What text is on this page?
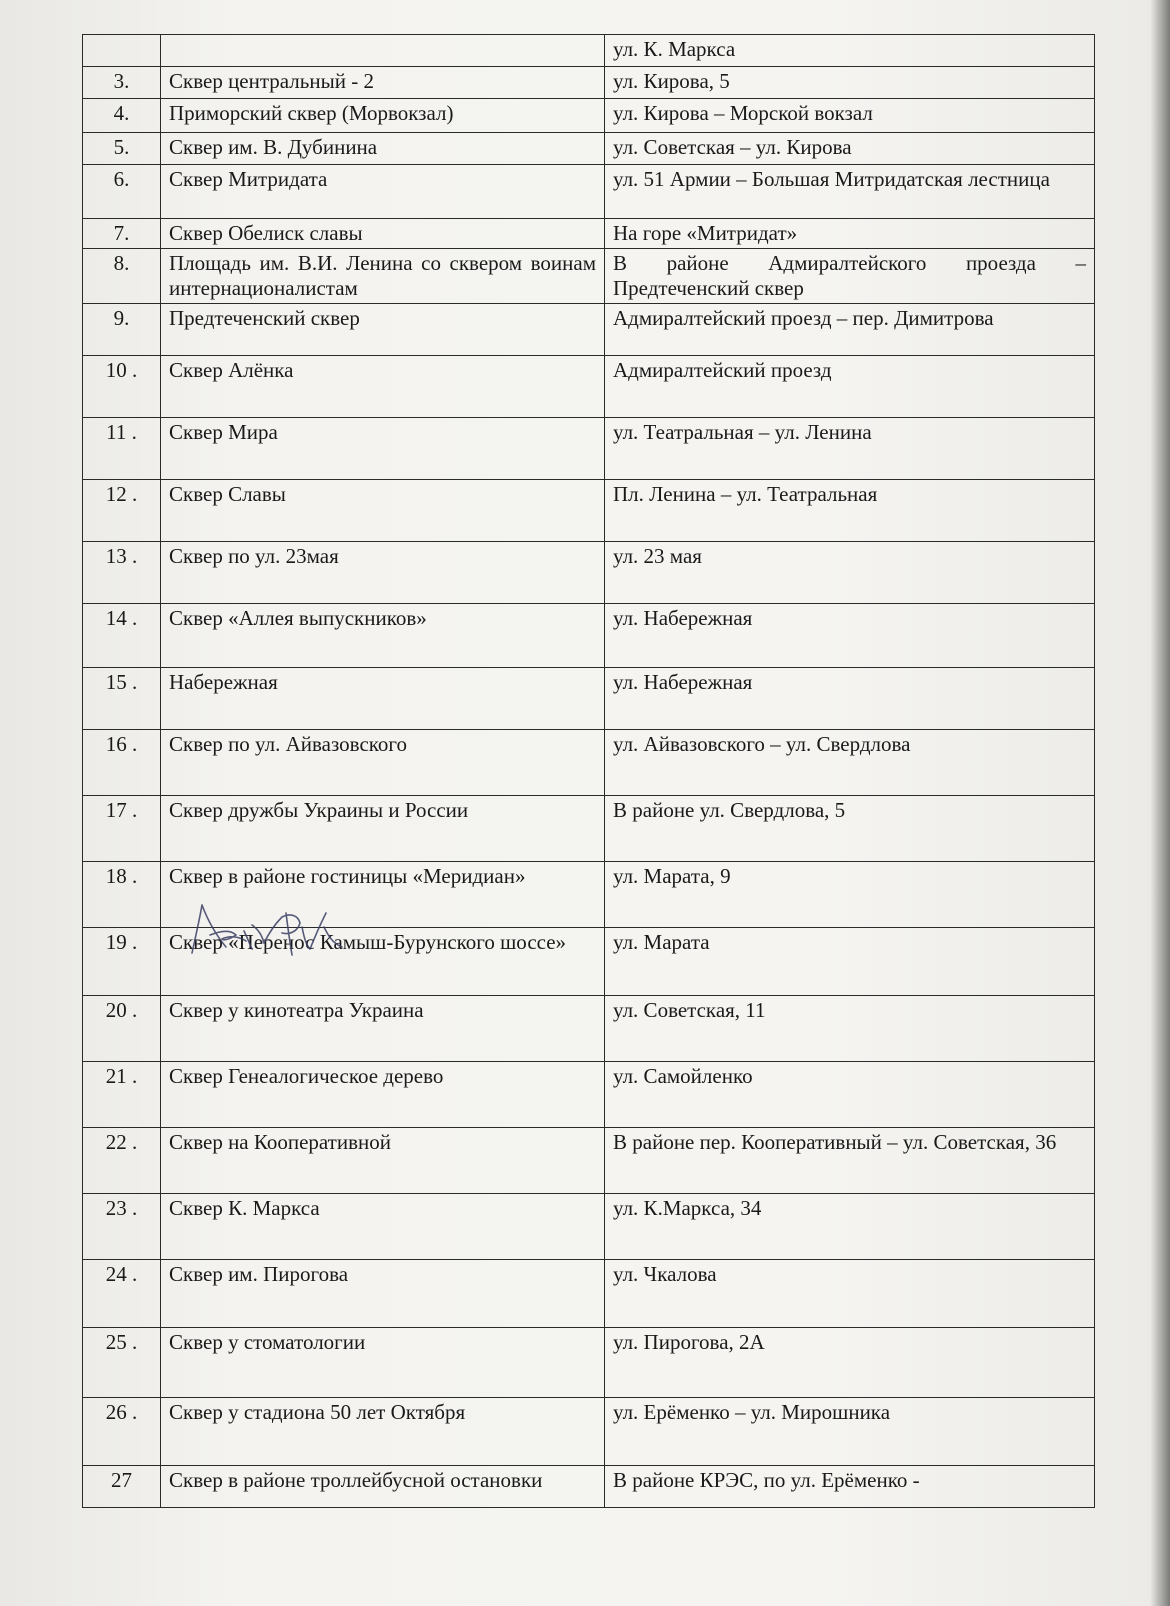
		ул. К. Маркса
3.	Сквер центральный - 2	ул. Кирова, 5
4.	Приморский сквер (Морвокзал)	ул. Кирова – Морской вокзал
5.	Сквер им. В. Дубинина	ул. Советская – ул. Кирова
6.	Сквер Митридата	ул. 51 Армии – Большая Митридатская лестница
7.	Сквер Обелиск славы	На горе «Митридат»
8.	Площадь им. В.И. Ленина со сквером воинам интернационалистам	В районе Адмиралтейского проезда – Предтеченский сквер
9.	Предтеченский сквер	Адмиралтейский проезд – пер. Димитрова
10 .	Сквер Алёнка	Адмиралтейский проезд
11 .	Сквер Мира	ул. Театральная – ул. Ленина
12 .	Сквер Славы	Пл. Ленина – ул. Театральная
13 .	Сквер по ул. 23мая	ул. 23 мая
14 .	Сквер «Аллея выпускников»	ул. Набережная
15 .	Набережная	ул. Набережная
16 .	Сквер по ул. Айвазовского	ул. Айвазовского – ул. Свердлова
17 .	Сквер дружбы Украины и России	В районе ул. Свердлова, 5
18 .	Сквер в районе гостиницы «Меридиан»	ул. Марата, 9
19 .	Сквер «Перенос Камыш-Бурунского шоссе»	ул. Марата
20 .	Сквер у кинотеатра Украина	ул. Советская, 11
21 .	Сквер Генеалогическое дерево	ул. Самойленко
22 .	Сквер на Кооперативной	В районе пер. Кооперативный – ул. Советская, 36
23 .	Сквер К. Маркса	ул. К.Маркса, 34
24 .	Сквер им. Пирогова	ул. Чкалова
25 .	Сквер у стоматологии	ул. Пирогова, 2А
26 .	Сквер у стадиона 50 лет Октября	ул. Ерёменко – ул. Мирошника
27	Сквер в районе троллейбусной остановки	В районе КРЭС, по ул. Ерёменко -
